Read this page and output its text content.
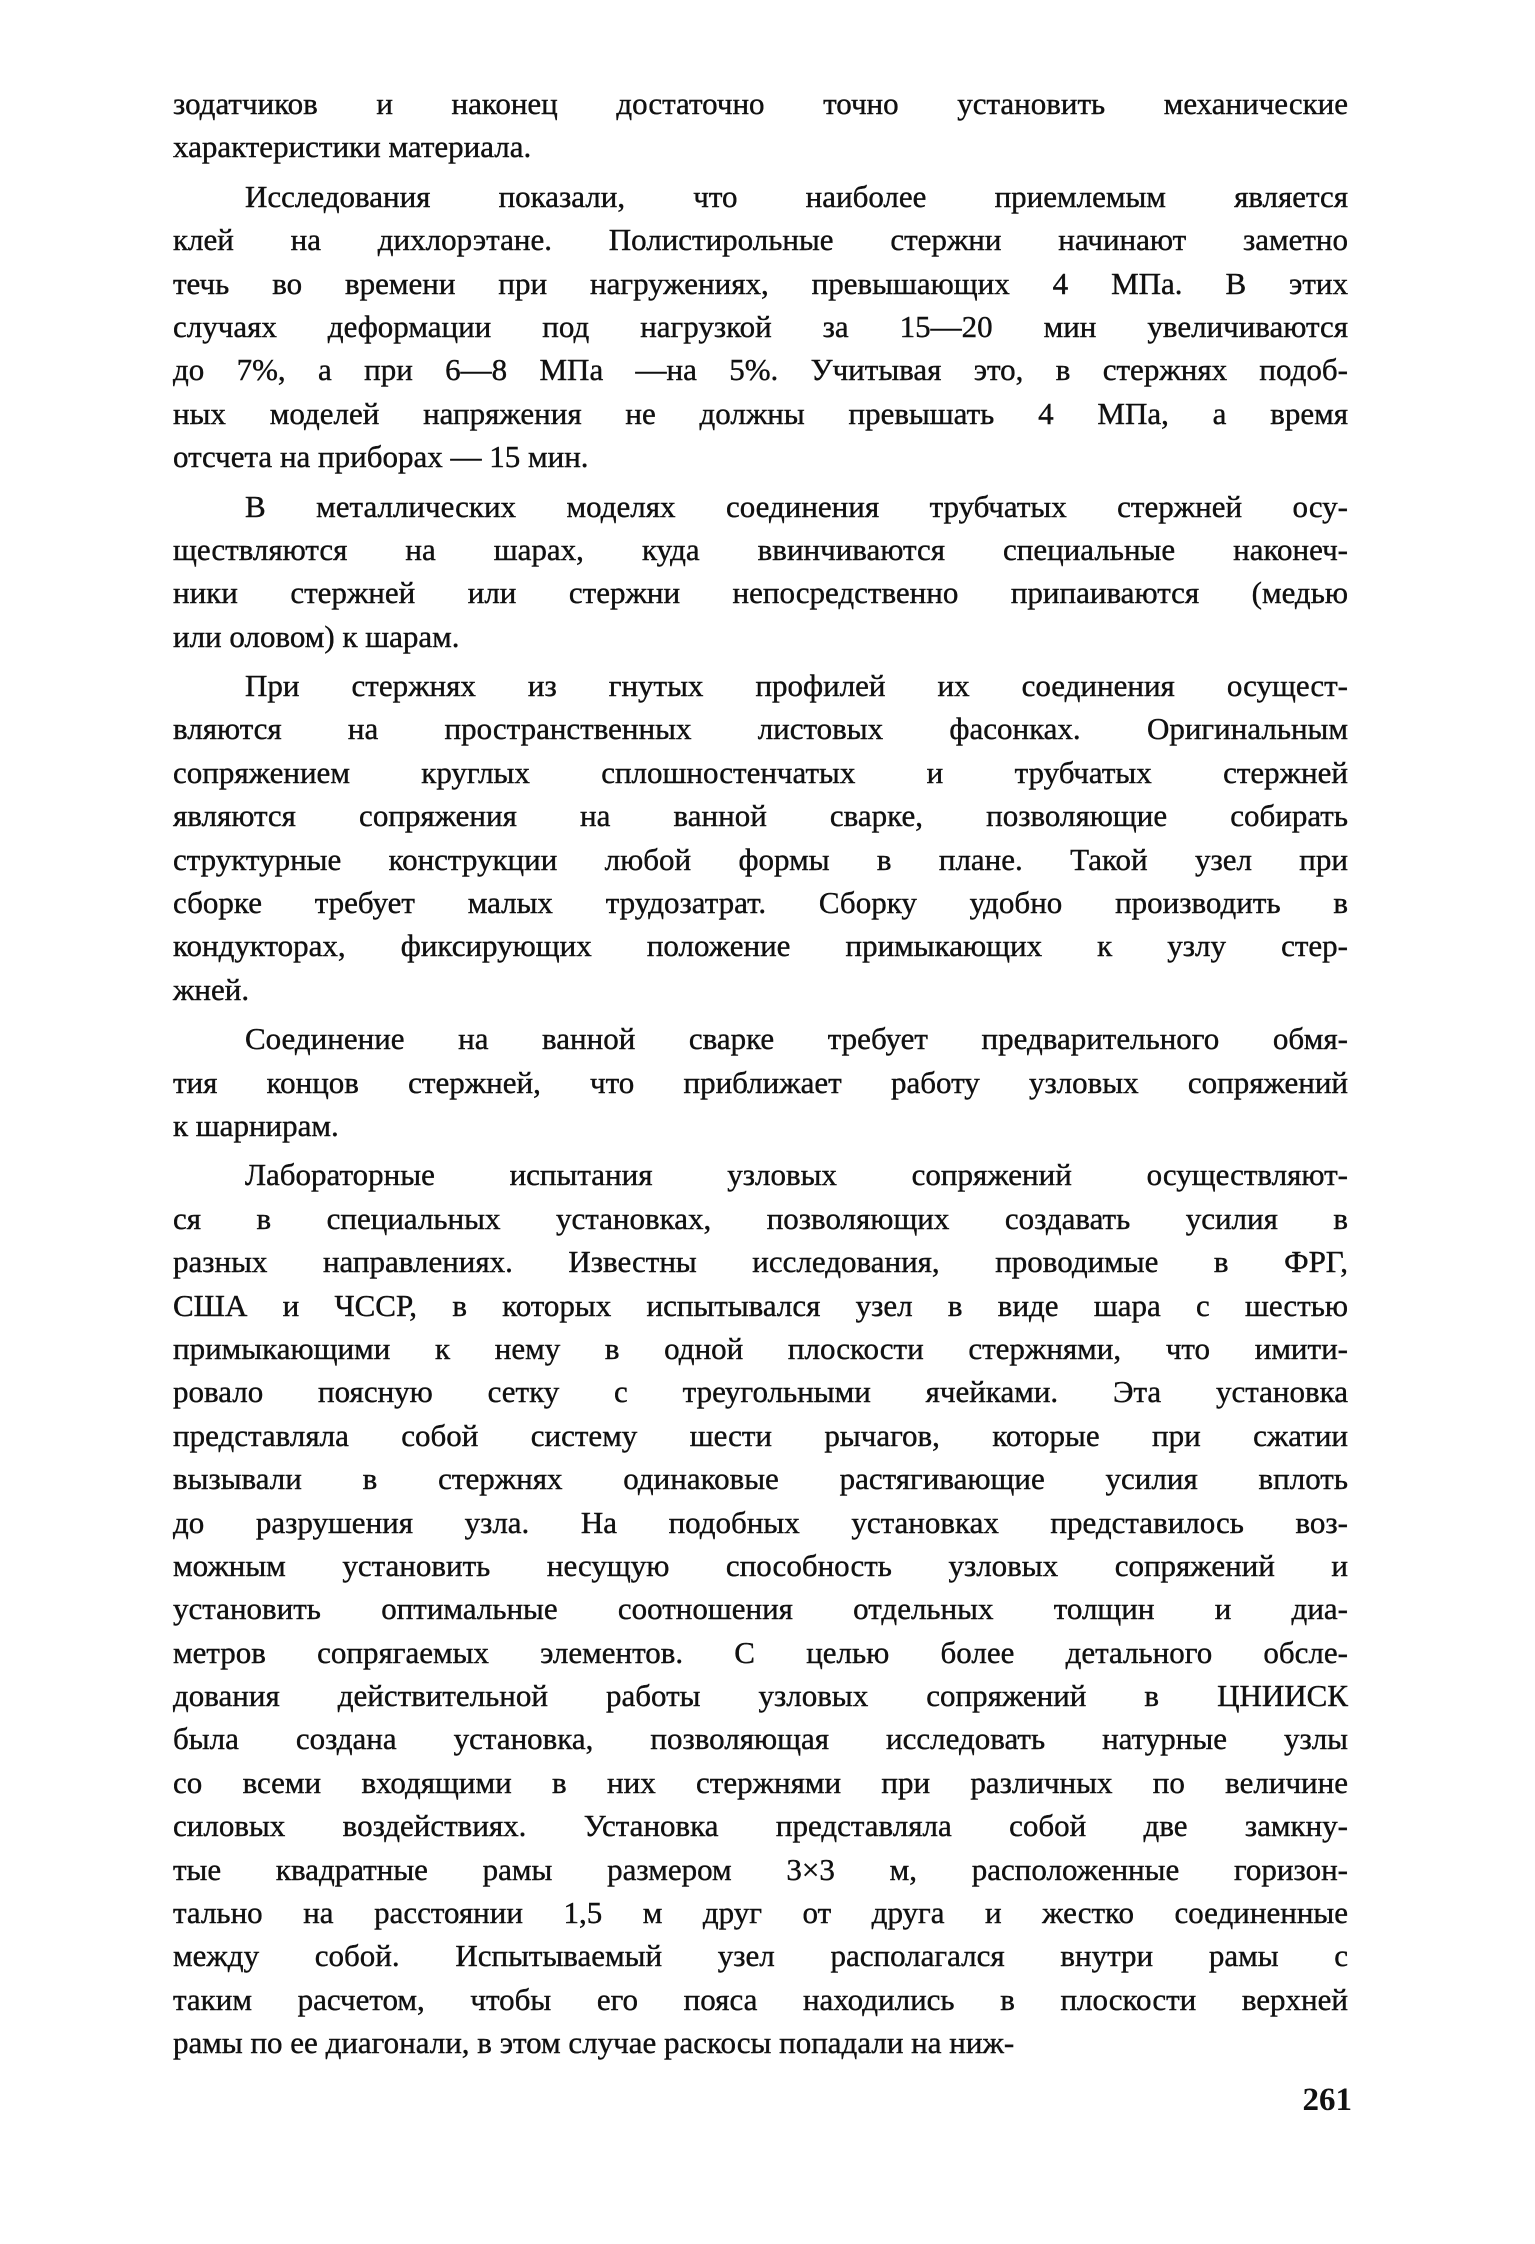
зодатчиков и наконец достаточно точно установить механические
характеристики материала.
Исследования показали, что наиболее приемлемым является
клей на дихлорэтане. Полистирольные стержни начинают заметно
течь во времени при нагружениях, превышающих 4 МПа. В этих
случаях деформации под нагрузкой за 15—20 мин увеличиваются
до 7%, а при 6—8 МПа —на 5%. Учитывая это, в стержнях подоб-
ных моделей напряжения не должны превышать 4 МПа, а время
отсчета на приборах — 15 мин.
В металлических моделях соединения трубчатых стержней осу-
ществляются на шарах, куда ввинчиваются специальные наконеч-
ники стержней или стержни непосредственно припаиваются (медью
или оловом) к шарам.
При стержнях из гнутых профилей их соединения осущест-
вляются на пространственных листовых фасонках. Оригинальным
сопряжением круглых сплошностенчатых и трубчатых стержней
являются сопряжения на ванной сварке, позволяющие собирать
структурные конструкции любой формы в плане. Такой узел при
сборке требует малых трудозатрат. Сборку удобно производить в
кондукторах, фиксирующих положение примыкающих к узлу стер-
жней.
Соединение на ванной сварке требует предварительного обмя-
тия концов стержней, что приближает работу узловых сопряжений
к шарнирам.
Лабораторные испытания узловых сопряжений осуществляют-
ся в специальных установках, позволяющих создавать усилия в
разных направлениях. Известны исследования, проводимые в ФРГ,
США и ЧССР, в которых испытывался узел в виде шара с шестью
примыкающими к нему в одной плоскости стержнями, что имити-
ровало поясную сетку с треугольными ячейками. Эта установка
представляла собой систему шести рычагов, которые при сжатии
вызывали в стержнях одинаковые растягивающие усилия вплоть
до разрушения узла. На подобных установках представилось воз-
можным установить несущую способность узловых сопряжений и
установить оптимальные соотношения отдельных толщин и диа-
метров сопрягаемых элементов. С целью более детального обсле-
дования действительной работы узловых сопряжений в ЦНИИСК
была создана установка, позволяющая исследовать натурные узлы
со всеми входящими в них стержнями при различных по величине
силовых воздействиях. Установка представляла собой две замкну-
тые квадратные рамы размером 3×3 м, расположенные горизон-
тально на расстоянии 1,5 м друг от друга и жестко соединенные
между собой. Испытываемый узел располагался внутри рамы с
таким расчетом, чтобы его пояса находились в плоскости верхней
рамы по ее диагонали, в этом случае раскосы попадали на ниж-
261
